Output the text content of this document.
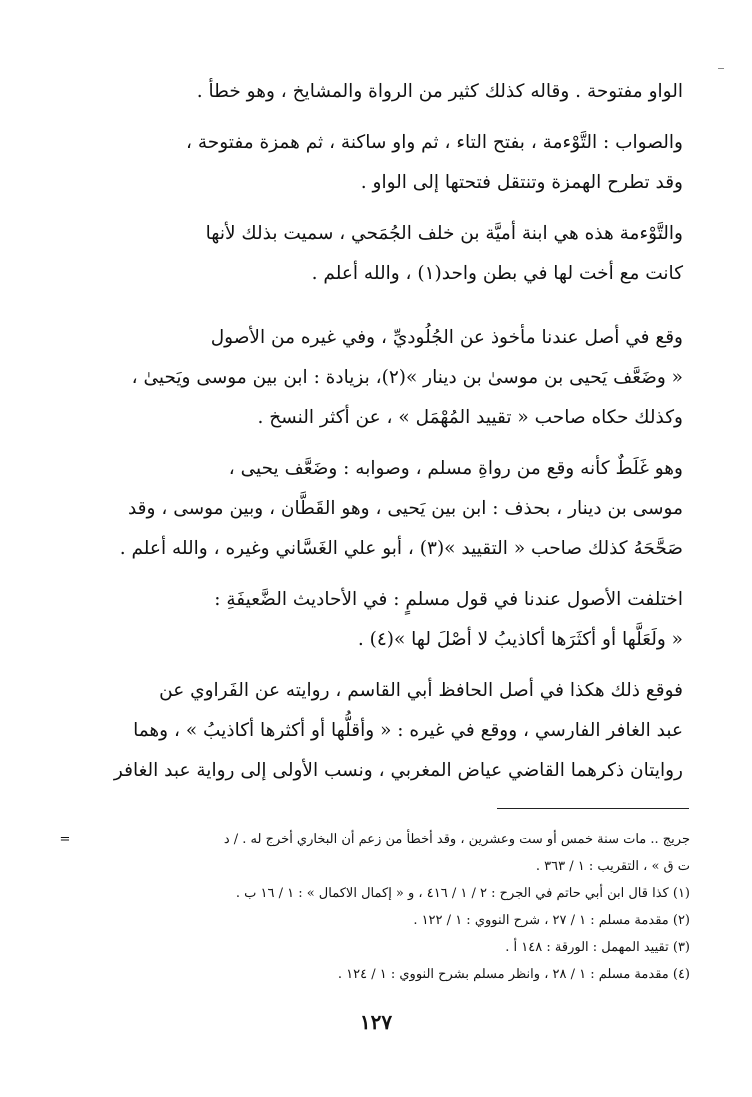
الواو مفتوحة . وقاله كذلك كثير من الرواة والمشايخ ، وهو خطأ .

والصواب : التَّوْءمة ، بفتح التاء ، ثم واو ساكنة ، ثم همزة مفتوحة ،
وقد تطرح الهمزة وتنتقل فتحتها إلى الواو .

والتَّوْءمة هذه هي ابنة أميَّة بن خلف الجُمَحي ، سميت بذلك لأنها
كانت مع أخت لها في بطن واحد(١) ، والله أعلم .

وقع في أصل عندنا مأخوذ عن الجُلُوديِّ ، وفي غيره من الأصول
« وضَعَّف يَحيى بن موسىٰ بن دينار »(٢)، بزيادة : ابن بين موسى ويَحيىٰ ،
وكذلك حكاه صاحب « تقييد المُهْمَل » ، عن أكثر النسخ .

وهو غَلَطٌ كأنه وقع من رواةِ مسلم ، وصوابه : وضَعَّف يحيى ،
موسى بن دينار ، بحذف : ابن بين يَحيى ، وهو القَطَّان ، وبين موسى ، وقد
صَحَّحَهُ كذلك صاحب « التقييد »(٣) ، أبو علي الغَسَّاني وغيره ، والله أعلم .

اختلفت الأصول عندنا في قول مسلمٍ : في الأحاديث الضَّعيفَةِ :
« ولَعَلَّها أو أكثَرَها أكاذيبُ لا أصْلَ لها »(٤) .

فوقع ذلك هكذا في أصل الحافظ أبي القاسم ، روايته عن الفَراوي عن
عبد الغافر الفارسي ، ووقع في غيره : « وأقلُّها أو أكثرها أكاذيبُ » ، وهما
روايتان ذكرهما القاضي عياض المغربي ، ونسب الأولى إلى رواية عبد الغافر

=	جريج .. مات سنة خمس أو ست وعشرين ، وقد أخطأ من زعم أن البخاري أخرج له . / د
ت ق » ، التقريب : ١ / ٣٦٣ .
(١) كذا قال ابن أبي حاتم في الجرح : ٢ / ١ / ٤١٦ ، و « إكمال الاكمال » : ١ / ١٦ ب .
(٢) مقدمة مسلم : ١ / ٢٧ ، شرح النووي : ١ / ١٢٢ .
(٣) تقييد المهمل : الورقة : ١٤٨ أ .
(٤) مقدمة مسلم : ١ / ٢٨ ، وانظر مسلم بشرح النووي : ١ / ١٢٤ .
١٢٧
